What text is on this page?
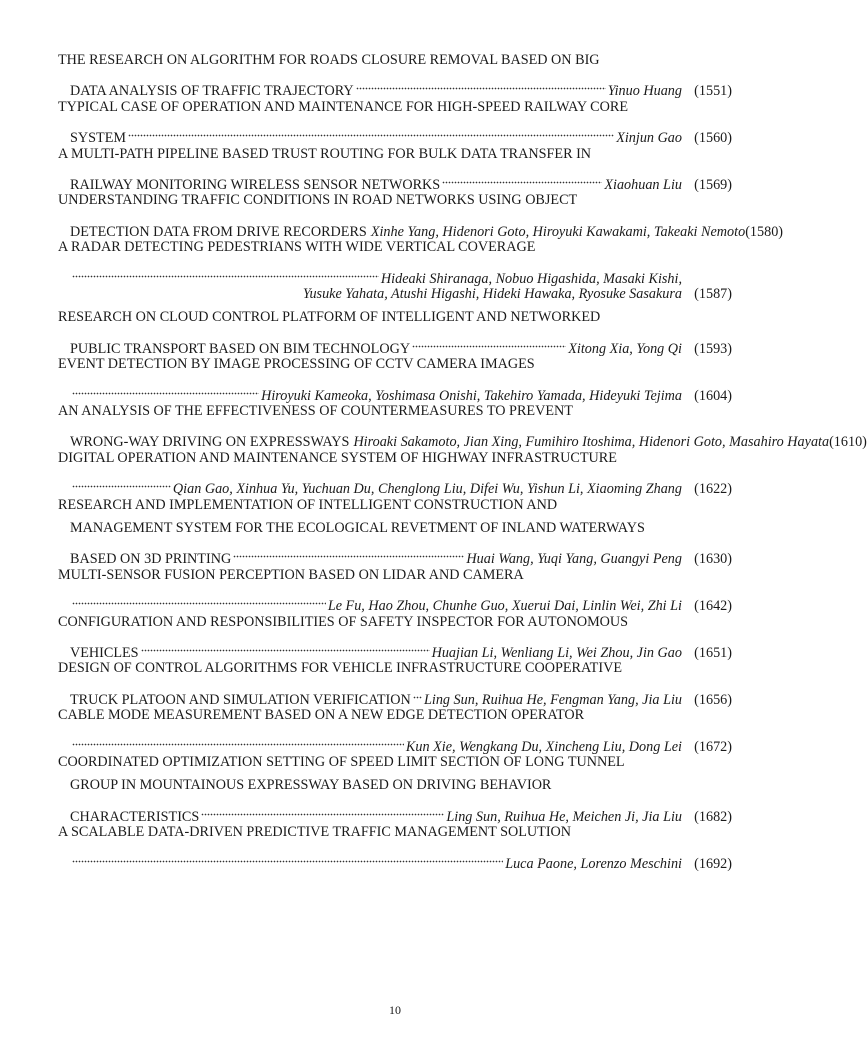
THE RESEARCH ON ALGORITHM FOR ROADS CLOSURE REMOVAL BASED ON BIG
DATA ANALYSIS OF TRAFFIC TRAJECTORY	Yinuo Huang (1551)
TYPICAL CASE OF OPERATION AND MAINTENANCE FOR HIGH-SPEED RAILWAY CORE
SYSTEM	Xinjun Gao (1560)
A MULTI-PATH PIPELINE BASED TRUST ROUTING FOR BULK DATA TRANSFER IN
RAILWAY MONITORING WIRELESS SENSOR NETWORKS	Xiaohuan Liu (1569)
UNDERSTANDING TRAFFIC CONDITIONS IN ROAD NETWORKS USING OBJECT
DETECTION DATA FROM DRIVE RECORDERS Xinhe Yang, Hidenori Goto, Hiroyuki Kawakami, Takeaki Nemoto (1580)
A RADAR DETECTING PEDESTRIANS WITH WIDE VERTICAL COVERAGE
Hideaki Shiranaga, Nobuo Higashida, Masaki Kishi,
Yusuke Yahata, Atushi Higashi, Hideki Hawaka, Ryosuke Sasakura (1587)
RESEARCH ON CLOUD CONTROL PLATFORM OF INTELLIGENT AND NETWORKED
PUBLIC TRANSPORT BASED ON BIM TECHNOLOGY	Xitong Xia, Yong Qi (1593)
EVENT DETECTION BY IMAGE PROCESSING OF CCTV CAMERA IMAGES
Hiroyuki Kameoka, Yoshimasa Onishi, Takehiro Yamada, Hideyuki Tejima (1604)
AN ANALYSIS OF THE EFFECTIVENESS OF COUNTERMEASURES TO PREVENT
WRONG-WAY DRIVING ON EXPRESSWAYS Hiroaki Sakamoto, Jian Xing, Fumihiro Itoshima, Hidenori Goto, Masahiro Hayata (1610)
DIGITAL OPERATION AND MAINTENANCE SYSTEM OF HIGHWAY INFRASTRUCTURE
Qian Gao, Xinhua Yu, Yuchuan Du, Chenglong Liu, Difei Wu, Yishun Li, Xiaoming Zhang (1622)
RESEARCH AND IMPLEMENTATION OF INTELLIGENT CONSTRUCTION AND
MANAGEMENT SYSTEM FOR THE ECOLOGICAL REVETMENT OF INLAND WATERWAYS
BASED ON 3D PRINTING	Huai Wang, Yuqi Yang, Guangyi Peng (1630)
MULTI-SENSOR FUSION PERCEPTION BASED ON LIDAR AND CAMERA
Le Fu, Hao Zhou, Chunhe Guo, Xuerui Dai, Linlin Wei, Zhi Li (1642)
CONFIGURATION AND RESPONSIBILITIES OF SAFETY INSPECTOR FOR AUTONOMOUS
VEHICLES	Huajian Li, Wenliang Li, Wei Zhou, Jin Gao (1651)
DESIGN OF CONTROL ALGORITHMS FOR VEHICLE INFRASTRUCTURE COOPERATIVE
TRUCK PLATOON AND SIMULATION VERIFICATION Ling Sun, Ruihua He, Fengman Yang, Jia Liu (1656)
CABLE MODE MEASUREMENT BASED ON A NEW EDGE DETECTION OPERATOR
Kun Xie, Wengkang Du, Xincheng Liu, Dong Lei (1672)
COORDINATED OPTIMIZATION SETTING OF SPEED LIMIT SECTION OF LONG TUNNEL
GROUP IN MOUNTAINOUS EXPRESSWAY BASED ON DRIVING BEHAVIOR
CHARACTERISTICS	Ling Sun, Ruihua He, Meichen Ji, Jia Liu (1682)
A SCALABLE DATA-DRIVEN PREDICTIVE TRAFFIC MANAGEMENT SOLUTION
Luca Paone, Lorenzo Meschini (1692)
10
